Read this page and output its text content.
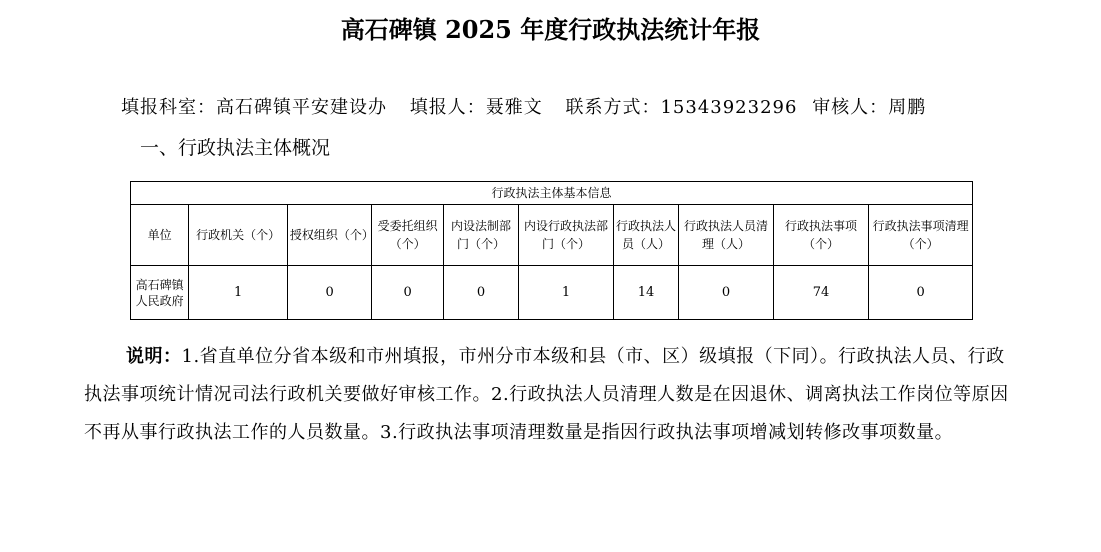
高石碑镇 2025 年度行政执法统计年报
填报科室：高石碑镇平安建设办 填报人：聂雅文 联系方式：15343923296 审核人：周鹏
一、行政执法主体概况
行政执法主体基本信息									
单位	行政机关（个）	授权组织（个）	受委托组织（个）	内设法制部门（个）	内设行政执法部门（个）	行政执法人员（人）	行政执法人员清理（人）	行政执法事项（个）	行政执法事项清理（个）
高石碑镇人民政府	1	0	0	0	1	14	0	74	0
说明：1.省直单位分省本级和市州填报，市州分市本级和县（市、区）级填报（下同）。行政执法人员、行政执法事项统计情况司法行政机关要做好审核工作。2.行政执法人员清理人数是在因退休、调离执法工作岗位等原因不再从事行政执法工作的人员数量。3.行政执法事项清理数量是指因行政执法事项增减划转修改事项数量。
